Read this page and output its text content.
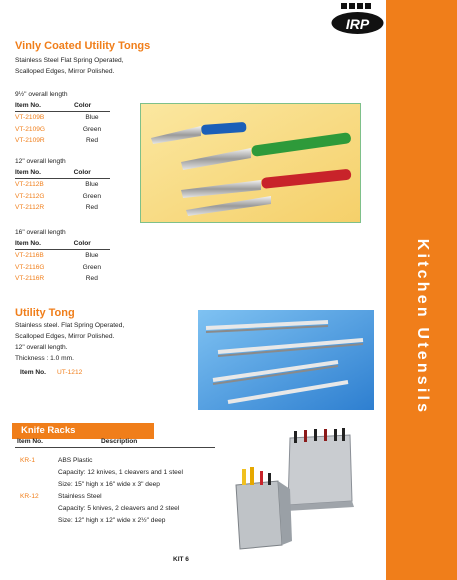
Kitchen Utensils
IRP
Vinly Coated Utility Tongs
Stainless Steel Flat Spring Operated,
Scalloped Edges, Mirror Polished.
9½" overall length
Item No.	Color
VT-2109B	Blue
VT-2109G	Green
VT-2109R	Red
12" overall length
Item No.	Color
VT-2112B	Blue
VT-2112G	Green
VT-2112R	Red
16" overall length
Item No.	Color
VT-2116B	Blue
VT-2116G	Green
VT-2116R	Red
Utility Tong
Stainless steel. Flat Spring Operated,
Scalloped Edges, Mirror Polished.
12" overall length.
Thickness : 1.0 mm.
Item No. UT-1212
Knife Racks
Item No.	Description
KR-1	ABS Plastic
Capacity: 12 knives, 1 cleavers and 1 steel
Size: 15" high x 16" wide x 3" deep
KR-12	Stainless Steel
Capacity: 5 knives, 2 cleavers and 2 steel
Size: 12" high x 12" wide x 2½" deep
KIT 6
